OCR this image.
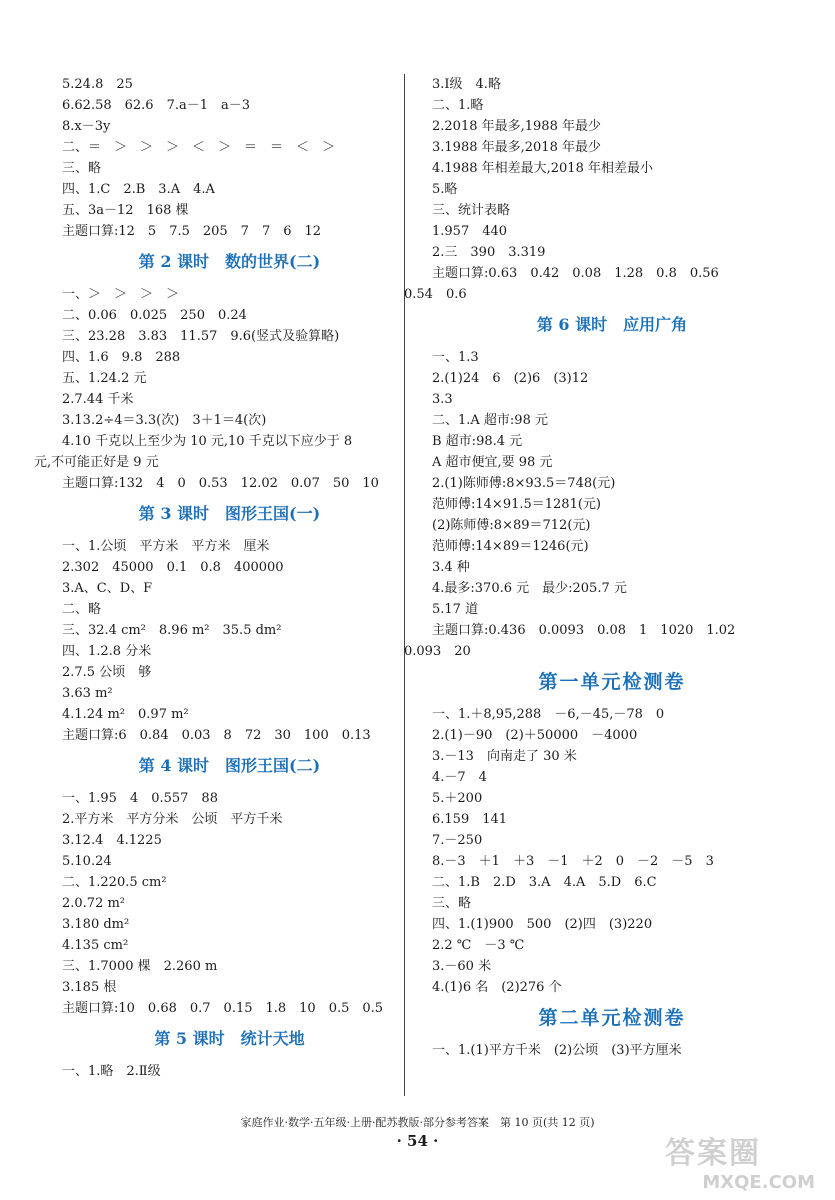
5.24.8　25
6.62.58　62.6　7.a－1　a－3
8.x－3y
二、＝　＞　＞　＞　＜　＞　＝　＝　＜　＞
三、略
四、1.C　2.B　3.A　4.A
五、3a－12　168 棵
主题口算:12　5　7.5　205　7　7　6　12
第 2 课时　数的世界(二)
一、＞　＞　＞　＞
二、0.06　0.025　250　0.24
三、23.28　3.83　11.57　9.6(竖式及验算略)
四、1.6　9.8　288
五、1.24.2 元
2.7.44 千米
3.13.2÷4＝3.3(次)　3＋1＝4(次)
4.10 千克以上至少为 10 元,10 千克以下应少于 8
元,不可能正好是 9 元
主题口算:132　4　0　0.53　12.02　0.07　50　10
第 3 课时　图形王国(一)
一、1.公顷　平方米　平方米　厘米
2.302　45000　0.1　0.8　400000
3.A、C、D、F
二、略
三、32.4 cm²　8.96 m²　35.5 dm²
四、1.2.8 分米
2.7.5 公顷　够
3.63 m²
4.1.24 m²　0.97 m²
主题口算:6　0.84　0.03　8　72　30　100　0.13
第 4 课时　图形王国(二)
一、1.95　4　0.557　88
2.平方米　平方分米　公顷　平方千米
3.12.4　4.1225
5.10.24
二、1.220.5 cm²
2.0.72 m²
3.180 dm²
4.135 cm²
三、1.7000 棵　2.260 m
3.185 根
主题口算:10　0.68　0.7　0.15　1.8　10　0.5　0.5
第 5 课时　统计天地
一、1.略　2.Ⅱ级
3.Ⅰ级　4.略
二、1.略
2.2018 年最多,1988 年最少
3.1988 年最多,2018 年最少
4.1988 年相差最大,2018 年相差最小
5.略
三、统计表略
1.957　440
2.三　390　3.319
主题口算:0.63　0.42　0.08　1.28　0.8　0.56
0.54　0.6
第 6 课时　应用广角
一、1.3
2.(1)24　6　(2)6　(3)12
3.3
二、1.A 超市:98 元
B 超市:98.4 元
A 超市便宜,要 98 元
2.(1)陈师傅:8×93.5＝748(元)
范师傅:14×91.5＝1281(元)
(2)陈师傅:8×89＝712(元)
范师傅:14×89＝1246(元)
3.4 种
4.最多:370.6 元　最少:205.7 元
5.17 道
主题口算:0.436　0.0093　0.08　1　1020　1.02
0.093　20
第一单元检测卷
一、1.＋8,95,288　－6,－45,－78　0
2.(1)－90　(2)＋50000　－4000
3.－13　向南走了 30 米
4.－7　4
5.＋200
6.159　141
7.－250
8.－3　＋1　＋3　－1　＋2　0　－2　－5　3
二、1.B　2.D　3.A　4.A　5.D　6.C
三、略
四、1.(1)900　500　(2)四　(3)220
2.2 ℃　－3 ℃
3.－60 米
4.(1)6 名　(2)276 个
第二单元检测卷
一、1.(1)平方千米　(2)公顷　(3)平方厘米
家庭作业·数学·五年级·上册·配苏教版·部分参考答案　第 10 页(共 12 页)
· 54 ·	答案圈
MXQE.COM
